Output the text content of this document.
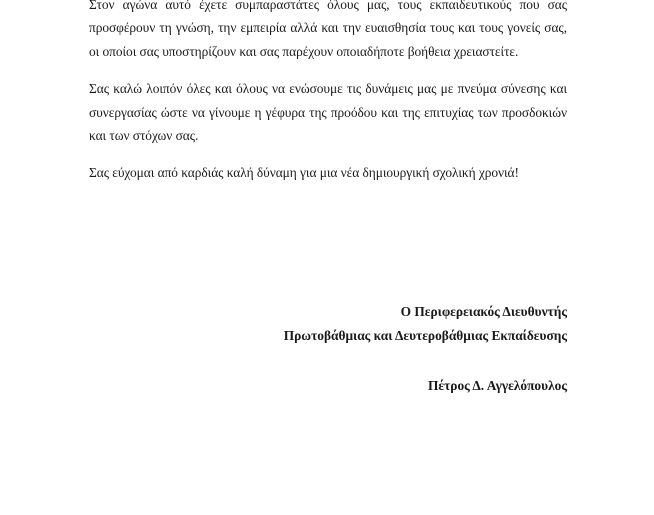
Στον αγώνα αυτό έχετε συμπαραστάτες όλους μας, τους εκπαιδευτικούς που σας προσφέρουν τη γνώση, την εμπειρία αλλά και την ευαισθησία τους και τους γονείς σας, οι οποίοι σας υποστηρίζουν και σας παρέχουν οποιαδήποτε βοήθεια χρειαστείτε.

Σας καλώ λοιπόν όλες και όλους να ενώσουμε τις δυνάμεις μας με πνεύμα σύνεσης και συνεργασίας ώστε να γίνουμε η γέφυρα της προόδου και της επιτυχίας των προσδοκιών και των στόχων σας.

Σας εύχομαι από καρδιάς καλή δύναμη για μια νέα δημιουργική σχολική χρονιά!

Ο Περιφερειακός Διευθυντής
Πρωτοβάθμιας και Δευτεροβάθμιας Εκπαίδευσης
Πέτρος Δ. Αγγελόπουλος
